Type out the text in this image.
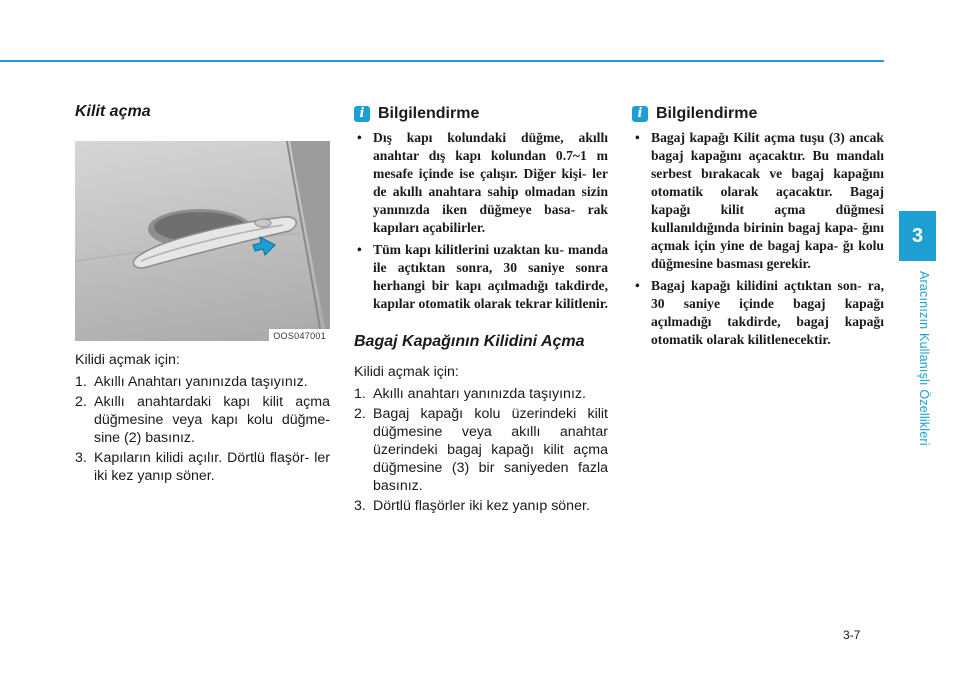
Kilit açma
OOS047001

Kilidi açmak için:

1. Akıllı Anahtarı yanınızda taşıyınız.
2. Akıllı anahtardaki kapı kilit açma düğmesine veya kapı kolu düğme- sine (2) basınız.
3. Kapıların kilidi açılır. Dörtlü flaşör- ler iki kez yanıp söner.
i Bilgilendirme
• Dış kapı kolundaki düğme, akıllı anahtar dış kapı kolundan 0.7~1 m mesafe içinde ise çalışır. Diğer kişi- ler de akıllı anahtara sahip olmadan sizin yanınızda iken düğmeye basa- rak kapıları açabilirler.
• Tüm kapı kilitlerini uzaktan ku- manda ile açtıktan sonra, 30 saniye sonra herhangi bir kapı açılmadığı takdirde, kapılar otomatik olarak tekrar kilitlenir.
Bagaj Kapağının Kilidini Açma

Kilidi açmak için:

1. Akıllı anahtarı yanınızda taşıyınız.
2. Bagaj kapağı kolu üzerindeki kilit düğmesine veya akıllı anahtar üzerindeki bagaj kapağı kilit açma düğmesine (3) bir saniyeden fazla basınız.
3. Dörtlü flaşörler iki kez yanıp söner.
i Bilgilendirme
• Bagaj kapağı Kilit açma tuşu (3) ancak bagaj kapağını açacaktır. Bu mandalı serbest bırakacak ve bagaj kapağını otomatik olarak açacaktır. Bagaj kapağı kilit açma düğmesi kullanıldığında birinin bagaj kapa- ğını açmak için yine de bagaj kapa- ğı kolu düğmesine basması gerekir.
• Bagaj kapağı kilidini açtıktan son- ra, 30 saniye içinde bagaj kapağı açılmadığı takdirde, bagaj kapağı otomatik olarak kilitlenecektir.
3
Aracınızın Kullanışlı Özellikleri
3-7
